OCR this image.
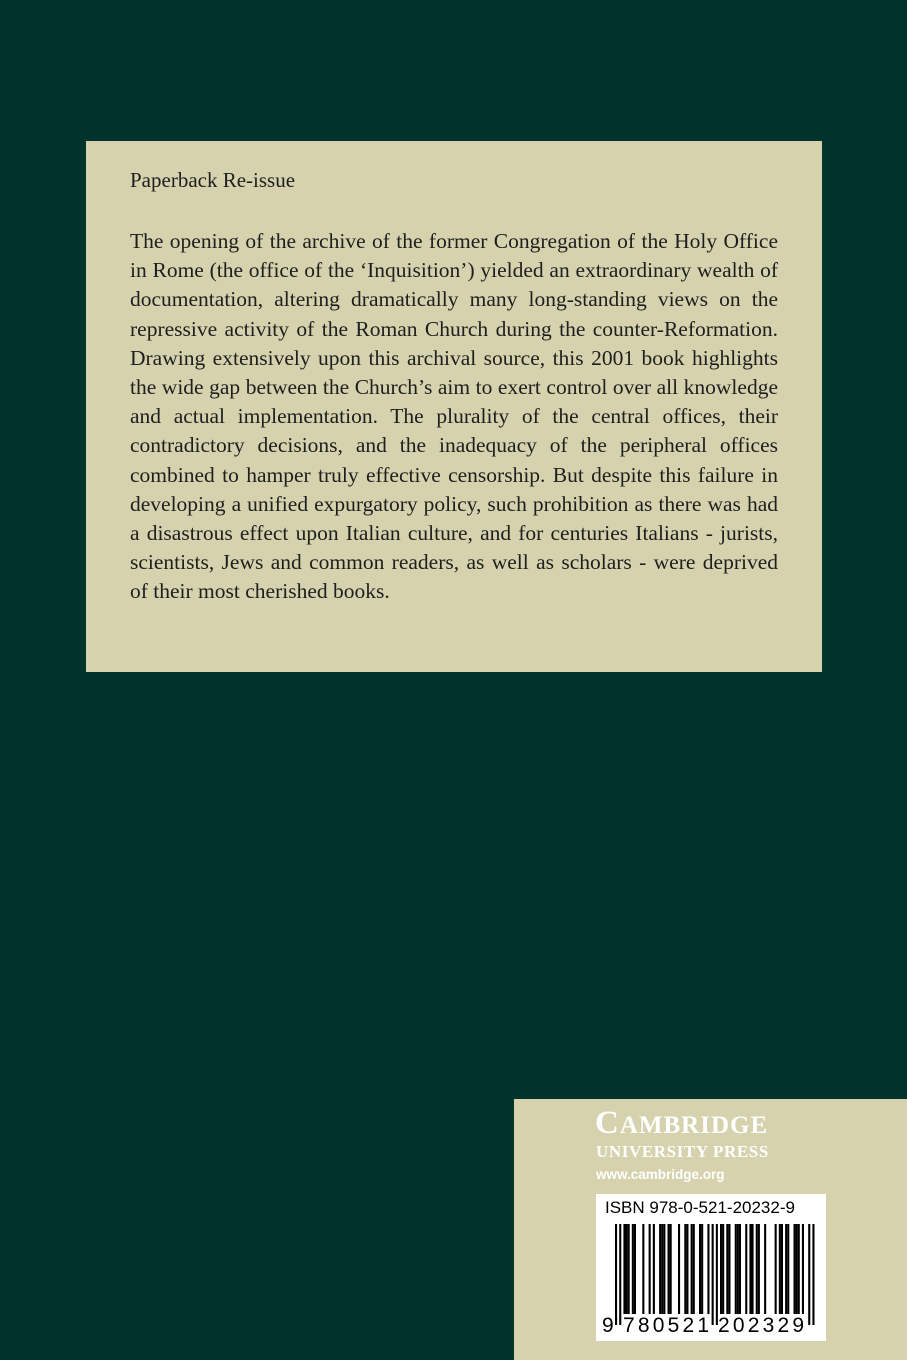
Paperback Re-issue

The opening of the archive of the former Congregation of the Holy Office in Rome (the office of the ‘Inquisition’) yielded an extraordinary wealth of documentation, altering dramatically many long-standing views on the repressive activity of the Roman Church during the counter-Reformation. Drawing extensively upon this archival source, this 2001 book highlights the wide gap between the Church’s aim to exert control over all knowledge and actual implementation. The plurality of the central offices, their contradictory decisions, and the inadequacy of the peripheral offices combined to hamper truly effective censorship. But despite this failure in developing a unified expurgatory policy, such prohibition as there was had a disastrous effect upon Italian culture, and for centuries Italians - jurists, scientists, Jews and common readers, as well as scholars - were deprived of their most cherished books.

CAMBRIDGE
UNIVERSITY PRESS
www.cambridge.org
ISBN 978-0-521-20232-9
9 780521 202329
